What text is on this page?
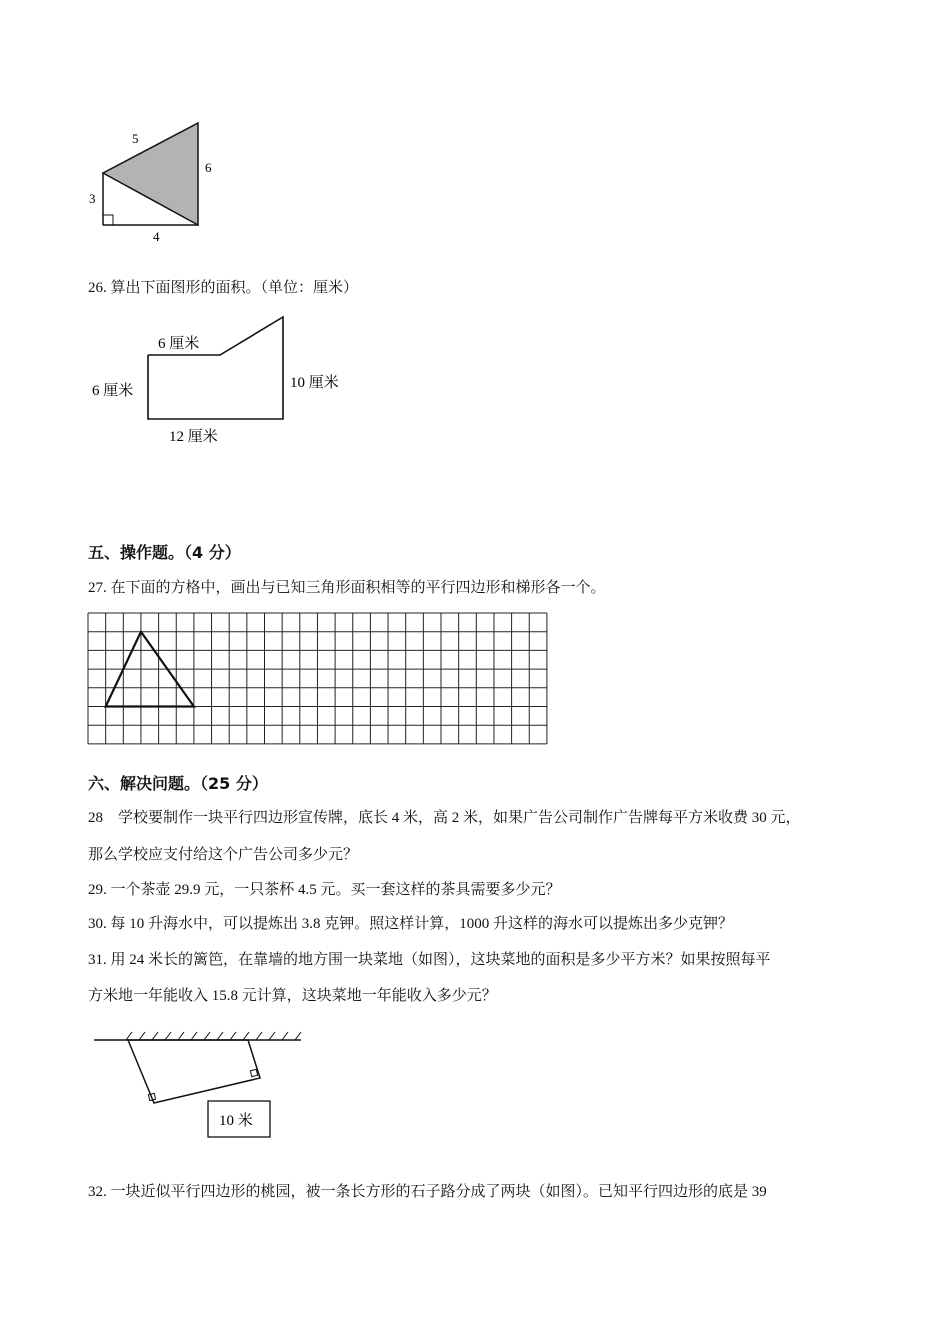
5
6
3
4
26. 算出下面图形的面积。（单位：厘米）
6 厘米
6 厘米	10 厘米
12 厘米
五、操作题。（4 分）
27. 在下面的方格中，画出与已知三角形面积相等的平行四边形和梯形各一个。
六、解决问题。（25 分）
28　学校要制作一块平行四边形宣传牌，底长 4 米，高 2 米，如果广告公司制作广告牌每平方米收费 30 元，
那么学校应支付给这个广告公司多少元？
29. 一个茶壶 29.9 元，一只茶杯 4.5 元。买一套这样的茶具需要多少元？
30. 每 10 升海水中，可以提炼出 3.8 克钾。照这样计算，1000 升这样的海水可以提炼出多少克钾？
31. 用 24 米长的篱笆，在靠墙的地方围一块菜地（如图），这块菜地的面积是多少平方米？如果按照每平
方米地一年能收入 15.8 元计算，这块菜地一年能收入多少元？
10 米
32. 一块近似平行四边形的桃园，被一条长方形的石子路分成了两块（如图）。已知平行四边形的底是 39
